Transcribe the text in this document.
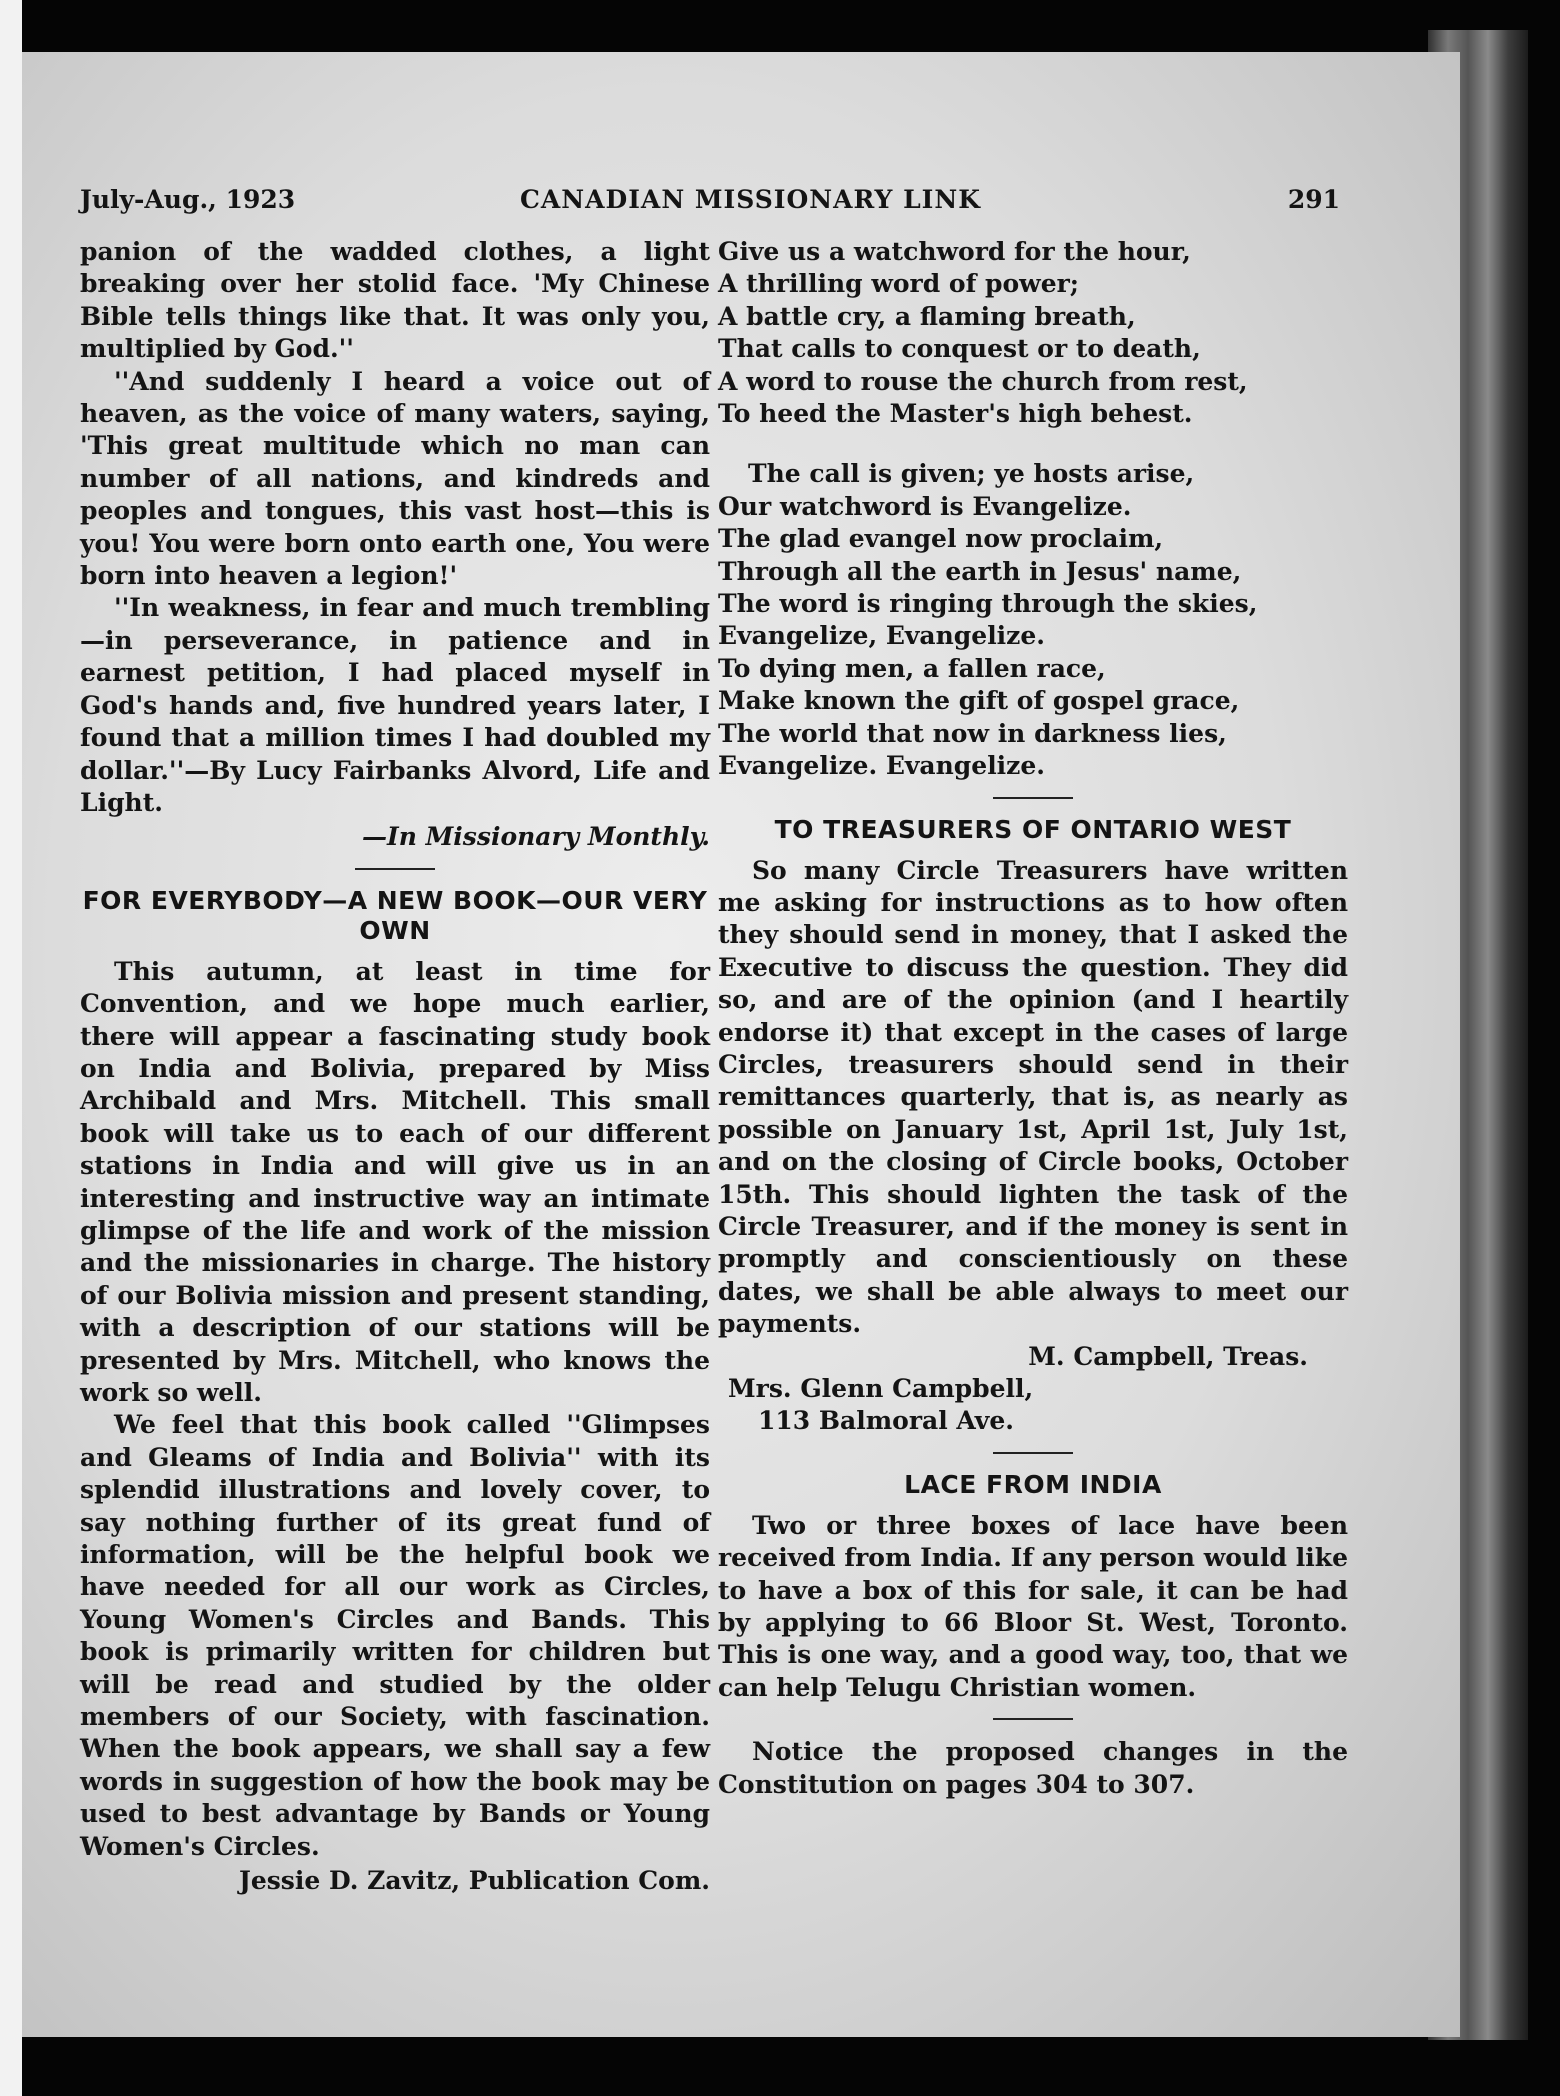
July-Aug., 1923	CANADIAN MISSIONARY LINK	291

panion of the wadded clothes, a light breaking over her stolid face. 'My Chinese Bible tells things like that. It was only you, multiplied by God.''

''And suddenly I heard a voice out of heaven, as the voice of many waters, saying, 'This great multitude which no man can number of all nations, and kindreds and peoples and tongues, this vast host—this is you! You were born onto earth one, You were born into heaven a legion!'

''In weakness, in fear and much trembling—in perseverance, in patience and in earnest petition, I had placed myself in God's hands and, five hundred years later, I found that a million times I had doubled my dollar.''—By Lucy Fairbanks Alvord, Life and Light.

—In Missionary Monthly.
FOR EVERYBODY—A NEW BOOK—OUR VERY OWN

This autumn, at least in time for Convention, and we hope much earlier, there will appear a fascinating study book on India and Bolivia, prepared by Miss Archibald and Mrs. Mitchell. This small book will take us to each of our different stations in India and will give us in an interesting and instructive way an intimate glimpse of the life and work of the mission and the missionaries in charge. The history of our Bolivia mission and present standing, with a description of our stations will be presented by Mrs. Mitchell, who knows the work so well.

We feel that this book called ''Glimpses and Gleams of India and Bolivia'' with its splendid illustrations and lovely cover, to say nothing further of its great fund of information, will be the helpful book we have needed for all our work as Circles, Young Women's Circles and Bands. This book is primarily written for children but will be read and studied by the older members of our Society, with fascination. When the book appears, we shall say a few words in suggestion of how the book may be used to best advantage by Bands or Young Women's Circles.

Jessie D. Zavitz, Publication Com.
Give us a watchword for the hour,
A thrilling word of power;
A battle cry, a flaming breath,
That calls to conquest or to death,
A word to rouse the church from rest,
To heed the Master's high behest.
The call is given; ye hosts arise,
Our watchword is Evangelize.
The glad evangel now proclaim,
Through all the earth in Jesus' name,
The word is ringing through the skies,
Evangelize, Evangelize.
To dying men, a fallen race,
Make known the gift of gospel grace,
The world that now in darkness lies,
Evangelize. Evangelize.
TO TREASURERS OF ONTARIO WEST

So many Circle Treasurers have written me asking for instructions as to how often they should send in money, that I asked the Executive to discuss the question. They did so, and are of the opinion (and I heartily endorse it) that except in the cases of large Circles, treasurers should send in their remittances quarterly, that is, as nearly as possible on January 1st, April 1st, July 1st, and on the closing of Circle books, October 15th. This should lighten the task of the Circle Treasurer, and if the money is sent in promptly and conscientiously on these dates, we shall be able always to meet our payments.

M. Campbell, Treas.
Mrs. Glenn Campbell,
113 Balmoral Ave.
LACE FROM INDIA

Two or three boxes of lace have been received from India. If any person would like to have a box of this for sale, it can be had by applying to 66 Bloor St. West, Toronto. This is one way, and a good way, too, that we can help Telugu Christian women.

Notice the proposed changes in the Constitution on pages 304 to 307.
